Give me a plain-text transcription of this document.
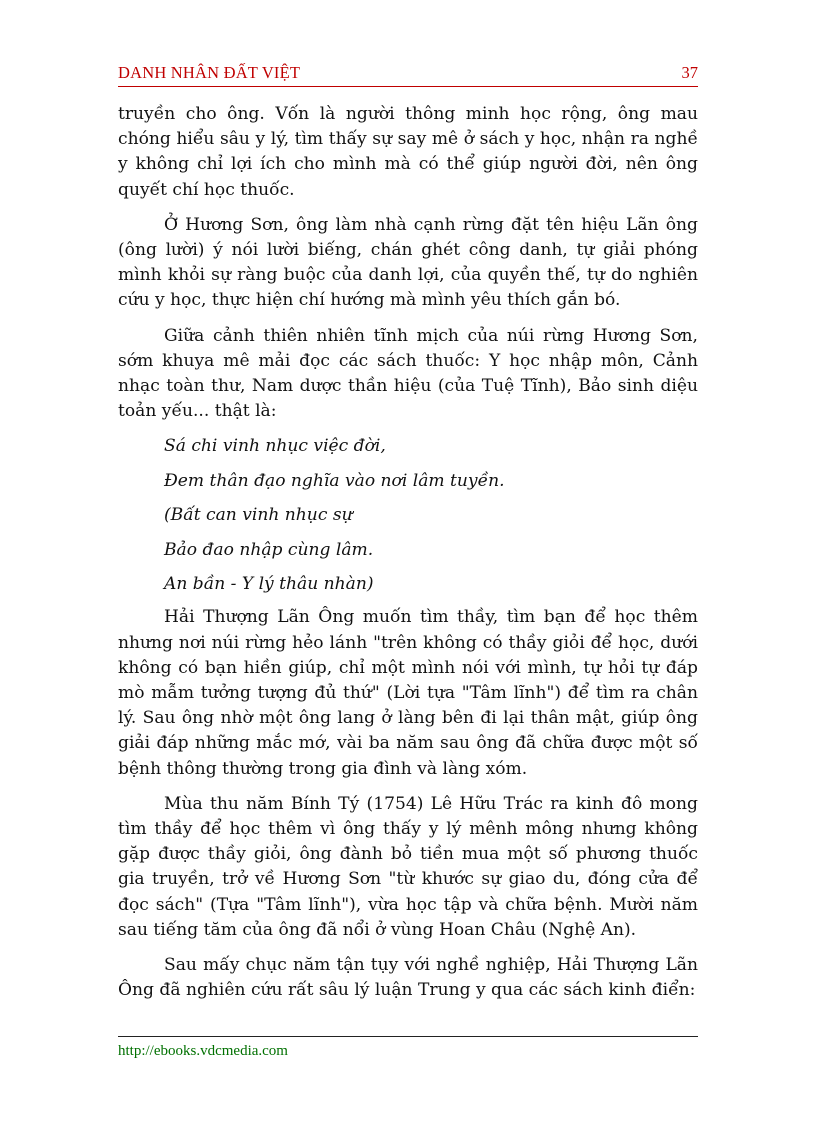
DANH NHÂN ĐẤT VIỆT	37

truyền cho ông. Vốn là người thông minh học rộng, ông mau chóng hiểu sâu y lý, tìm thấy sự say mê ở sách y học, nhận ra nghề y không chỉ lợi ích cho mình mà có thể giúp người đời, nên ông quyết chí học thuốc.

Ở Hương Sơn, ông làm nhà cạnh rừng đặt tên hiệu Lãn ông (ông lười) ý nói lười biếng, chán ghét công danh, tự giải phóng mình khỏi sự ràng buộc của danh lợi, của quyền thế, tự do nghiên cứu y học, thực hiện chí hướng mà mình yêu thích gắn bó.

Giữa cảnh thiên nhiên tĩnh mịch của núi rừng Hương Sơn, sớm khuya mê mải đọc các sách thuốc: Y học nhập môn, Cảnh nhạc toàn thư, Nam dược thần hiệu (của Tuệ Tĩnh), Bảo sinh diệu toản yếu... thật là:

Sá chi vinh nhục việc đời,
Đem thân đạo nghĩa vào nơi lâm tuyền.
(Bất can vinh nhục sự
Bảo đao nhập cùng lâm.
An bần - Y lý thâu nhàn)

Hải Thượng Lãn Ông muốn tìm thầy, tìm bạn để học thêm nhưng nơi núi rừng hẻo lánh "trên không có thầy giỏi để học, dưới không có bạn hiền giúp, chỉ một mình nói với mình, tự hỏi tự đáp mò mẫm tưởng tượng đủ thứ" (Lời tựa "Tâm lĩnh") để tìm ra chân lý. Sau ông nhờ một ông lang ở làng bên đi lại thân mật, giúp ông giải đáp những mắc mớ, vài ba năm sau ông đã chữa được một số bệnh thông thường trong gia đình và làng xóm.

Mùa thu năm Bính Tý (1754) Lê Hữu Trác ra kinh đô mong tìm thầy để học thêm vì ông thấy y lý mênh mông nhưng không gặp được thầy giỏi, ông đành bỏ tiền mua một số phương thuốc gia truyền, trở về Hương Sơn "từ khước sự giao du, đóng cửa để đọc sách" (Tựa "Tâm lĩnh"), vừa học tập và chữa bệnh. Mười năm sau tiếng tăm của ông đã nổi ở vùng Hoan Châu (Nghệ An).

Sau mấy chục năm tận tụy với nghề nghiệp, Hải Thượng Lãn Ông đã nghiên cứu rất sâu lý luận Trung y qua các sách kinh điển:

http://ebooks.vdcmedia.com
